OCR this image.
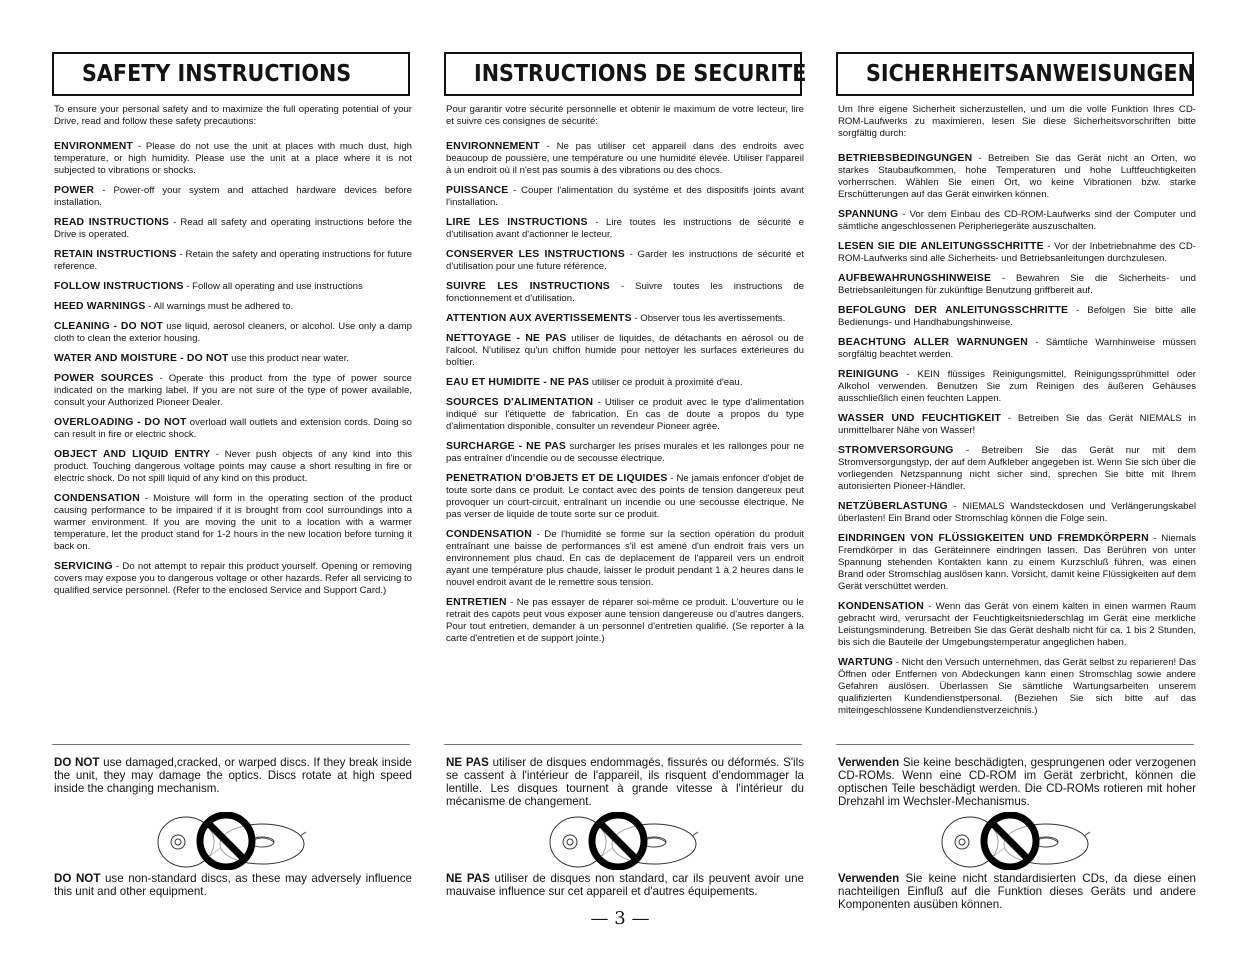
— 3 —
SAFETY INSTRUCTIONS

To ensure your personal safety and to maximize the full operating potential of your Drive, read and follow these safety precautions:

ENVIRONMENT - Please do not use the unit at places with much dust, high temperature, or high humidity. Please use the unit at a place where it is not subjected to vibrations or shocks.

POWER - Power-off your system and attached hardware devices before installation.

READ INSTRUCTIONS - Read all safety and operating instructions before the Drive is operated.

RETAIN INSTRUCTIONS - Retain the safety and operating instructions for future reference.

FOLLOW INSTRUCTIONS - Follow all operating and use instructions

HEED WARNINGS - All warnings must be adhered to.

CLEANING - DO NOT use liquid, aerosol cleaners, or alcohol. Use only a damp cloth to clean the exterior housing.

WATER AND MOISTURE - DO NOT use this product near water.

POWER SOURCES - Operate this product from the type of power source indicated on the marking label. If you are not sure of the type of power available, consult your Authorized Pioneer Dealer.

OVERLOADING - DO NOT overload wall outlets and extension cords. Doing so can result in fire or electric shock.

OBJECT AND LIQUID ENTRY - Never push objects of any kind into this product. Touching dangerous voltage points may cause a short resulting in fire or electric shock. Do not spill liquid of any kind on this product.

CONDENSATION - Moisture will form in the operating section of the product causing performance to be impaired if it is brought from cool surroundings into a warmer environment. If you are moving the unit to a location with a warmer temperature, let the product stand for 1-2 hours in the new location before turning it back on.

SERVICING - Do not attempt to repair this product yourself. Opening or removing covers may expose you to dangerous voltage or other hazards. Refer all servicing to qualified service personnel. (Refer to the enclosed Service and Support Card.)

DO NOT use damaged,cracked, or warped discs. If they break inside the unit, they may damage the optics. Discs rotate at high speed inside the changing mechanism.

DO NOT use non-standard discs, as these may adversely influence this unit and other equipment.

INSTRUCTIONS DE SECURITE

Pour garantir votre sécurité personnelle et obtenir le maximum de votre lecteur, lire et suivre ces consignes de sécurité:

ENVIRONNEMENT - Ne pas utiliser cet appareil dans des endroits avec beaucoup de poussière, une température ou une humidité élevée. Utiliser l'appareil à un endroit où il n'est pas soumis à des vibrations ou des chocs.

PUISSANCE - Couper l'alimentation du système et des dispositifs joints avant l'installation.

LIRE LES INSTRUCTIONS - Lire toutes les instructions de sécurité e d'utilisation avant d'actionner le lecteur.

CONSERVER LES INSTRUCTIONS - Garder les instructions de sécurité et d'utilisation pour une future référence.

SUIVRE LES INSTRUCTIONS - Suivre toutes les instructions de fonctionnement et d'utilisation.

ATTENTION AUX AVERTISSEMENTS - Observer tous les avertissements.

NETTOYAGE - NE PAS utiliser de liquides, de détachants en aérosol ou de l'alcool. N'utilisez qu'un chiffon humide pour nettoyer les surfaces extérieures du boîtier.

EAU ET HUMIDITE - NE PAS utiliser ce produit à proximité d'eau.

SOURCES D'ALIMENTATION - Utiliser ce produit avec le type d'alimentation indiqué sur l'étiquette de fabrication. En cas de doute a propos du type d'alimentation disponible, consulter un revendeur Pioneer agrée.

SURCHARGE - NE PAS surcharger les prises murales et les rallonges pour ne pas entraîner d'incendie ou de secousse électrique.

PENETRATION D'OBJETS ET DE LIQUIDES - Ne jamais enfoncer d'objet de toute sorte dans ce produit. Le contact avec des points de tension dangereux peut provoquer un court-circuit, entraînant un incendie ou une secousse électrique. Ne pas verser de liquide de toute sorte sur ce produit.

CONDENSATION - De l'humidité se forme sur la section opération du produit entraînant une baisse de performances s'il est amené d'un endroit frais vers un environnement plus chaud. En cas de deplacement de l'appareil vers un endroit ayant une température plus chaude, laisser le produit pendant 1 à 2 heures dans le nouvel endroit avant de le remettre sous tension.

ENTRETIEN - Ne pas essayer de réparer soi-même ce produit. L'ouverture ou le retrait des capots peut vous exposer aune tension dangereuse ou d'autres dangers. Pour tout entretien, demander à un personnel d'entretien qualifié. (Se reporter à la carte d'entretien et de support jointe.)

NE PAS utiliser de disques endommagés, fissurés ou déformés. S'ils se cassent à l'intérieur de l'appareil, ils risquent d'endommager la lentille. Les disques tournent à grande vitesse à l'intérieur du mécanisme de changement.

NE PAS utiliser de disques non standard, car ils peuvent avoir une mauvaise influence sur cet appareil et d'autres équipements.

SICHERHEITSANWEISUNGEN

Um Ihre eigene Sicherheit sicherzustellen, und um die volle Funktion Ihres CD-ROM-Laufwerks zu maximieren, lesen Sie diese Sicherheitsvorschriften bitte sorgfältig durch:

BETRIEBSBEDINGUNGEN - Betreiben Sie das Gerät nicht an Orten, wo starkes Staubaufkommen, hohe Temperaturen und hohe Luftfeuchtigkeiten vorherrschen. Wählen Sie einen Ort, wo keine Vibrationen bzw. starke Erschütterungen auf das Gerät einwirken können.

SPANNUNG - Vor dem Einbau des CD-ROM-Laufwerks sind der Computer und sämtliche angeschlossenen Peripheriegeräte auszuschalten.

LESEN SIE DIE ANLEITUNGSSCHRITTE - Vor der Inbetriebnahme des CD-ROM-Laufwerks sind alle Sicherheits- und Betriebsanleitungen durchzulesen.

AUFBEWAHRUNGSHINWEISE - Bewahren Sie die Sicherheits- und Betriebsanleitungen für zukünftige Benutzung griffbereit auf.

BEFOLGUNG DER ANLEITUNGSSCHRITTE - Befolgen Sie bitte alle Bedienungs- und Handhabungshinweise.

BEACHTUNG ALLER WARNUNGEN - Sämtliche Warnhinweise müssen sorgfältig beachtet werden.

REINIGUNG - KEIN flüssiges Reinigungsmittel, Reinigungssprühmittel oder Alkohol verwenden. Benutzen Sie zum Reinigen des äußeren Gehäuses ausschließlich einen feuchten Lappen.

WASSER UND FEUCHTIGKEIT - Betreiben Sie das Gerät NIEMALS in unmittelbarer Nähe von Wasser!

STROMVERSORGUNG - Betreiben Sie das Gerät nur mit dem Stromversorgungstyp, der auf dem Aufkleber angegeben ist. Wenn Sie sich über die vorliegenden Netzspannung nicht sicher sind, sprechen Sie bitte mit Ihrem autorisierten Pioneer-Händler.

NETZÜBERLASTUNG - NIEMALS Wandsteckdosen und Verlängerungskabel überlasten! Ein Brand oder Stromschlag können die Folge sein.

EINDRINGEN VON FLÜSSIGKEITEN UND FREMDKÖRPERN - Niemals Fremdkörper in das Geräteinnere eindringen lassen. Das Berühren von unter Spannung stehenden Kontakten kann zu einem Kurzschluß führen, was einen Brand oder Stromschlag auslösen kann. Vorsicht, damit keine Flüssigkeiten auf dem Gerät verschüttet werden.

KONDENSATION - Wenn das Gerät von einem kalten in einen warmen Raum gebracht wird, verursacht der Feuchtigkeitsniederschlag im Gerät eine merkliche Leistungsminderung. Betreiben Sie das Gerät deshalb nicht für ca. 1 bis 2 Stunden, bis sich die Bauteile der Umgebungstemperatur angeglichen haben.

WARTUNG - Nicht den Versuch unternehmen, das Gerät selbst zu reparieren! Das Öffnen oder Entfernen von Abdeckungen kann einen Stromschlag sowie andere Gefahren auslösen. Überlassen Sie sämtliche Wartungsarbeiten unserem qualifizierten Kundendienstpersonal. (Beziehen Sie sich bitte auf das miteingeschlossene Kundendienstverzeichnis.)

Verwenden Sie keine beschädigten, gesprungenen oder verzogenen CD-ROMs. Wenn eine CD-ROM im Gerät zerbricht, können die optischen Teile beschädigt werden. Die CD-ROMs rotieren mit hoher Drehzahl im Wechsler-Mechanismus.

Verwenden Sie keine nicht standardisierten CDs, da diese einen nachteiligen Einfluß auf die Funktion dieses Geräts und andere Komponenten ausüben können.
